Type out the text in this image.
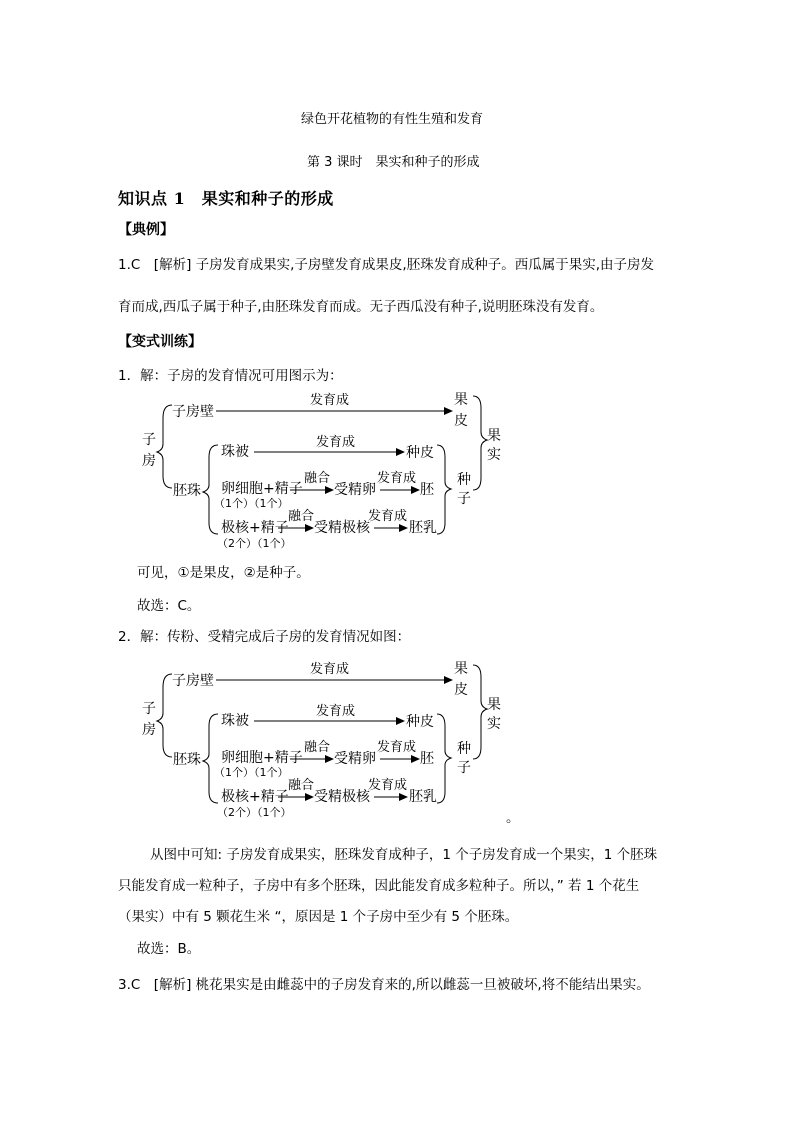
绿色开花植物的有性生殖和发育
第 3 课时　果实和种子的形成
知识点 1　果实和种子的形成
【典例】
1.C　[解析] 子房发育成果实,子房壁发育成果皮,胚珠发育成种子。西瓜属于果实,由子房发
育而成,西瓜子属于种子,由胚珠发育而成。无子西瓜没有种子,说明胚珠没有发育。
【变式训练】
1．解：子房的发育情况可用图示为：
子
房
子房壁
发育成	果
皮
果
实
胚珠
珠被
发育成
种皮
卵细胞+精子
（1个）（1个）
融合
受精卵
发育成
胚
极核+精子
（2个）（1个）
融合
受精极核
发育成
胚乳
种
子
可见，①是果皮，②是种子。
故选：C。
2．解：传粉、受精完成后子房的发育情况如图：
子
房
子房壁
发育成	果
皮
果
实
胚珠
珠被
发育成
种皮
卵细胞+精子
（1个）（1个）
融合
受精卵
发育成
胚
极核+精子
（2个）（1个）
融合
受精极核
发育成
胚乳
种
子
。
从图中可知: 子房发育成果实，胚珠发育成种子，1 个子房发育成一个果实，1 个胚珠
只能发育成一粒种子，子房中有多个胚珠，因此能发育成多粒种子。所以，” 若 1 个花生
（果实）中有 5 颗花生米 “，原因是 1 个子房中至少有 5 个胚珠。
故选：B。
3.C　[解析] 桃花果实是由雌蕊中的子房发育来的,所以雌蕊一旦被破坏,将不能结出果实。
